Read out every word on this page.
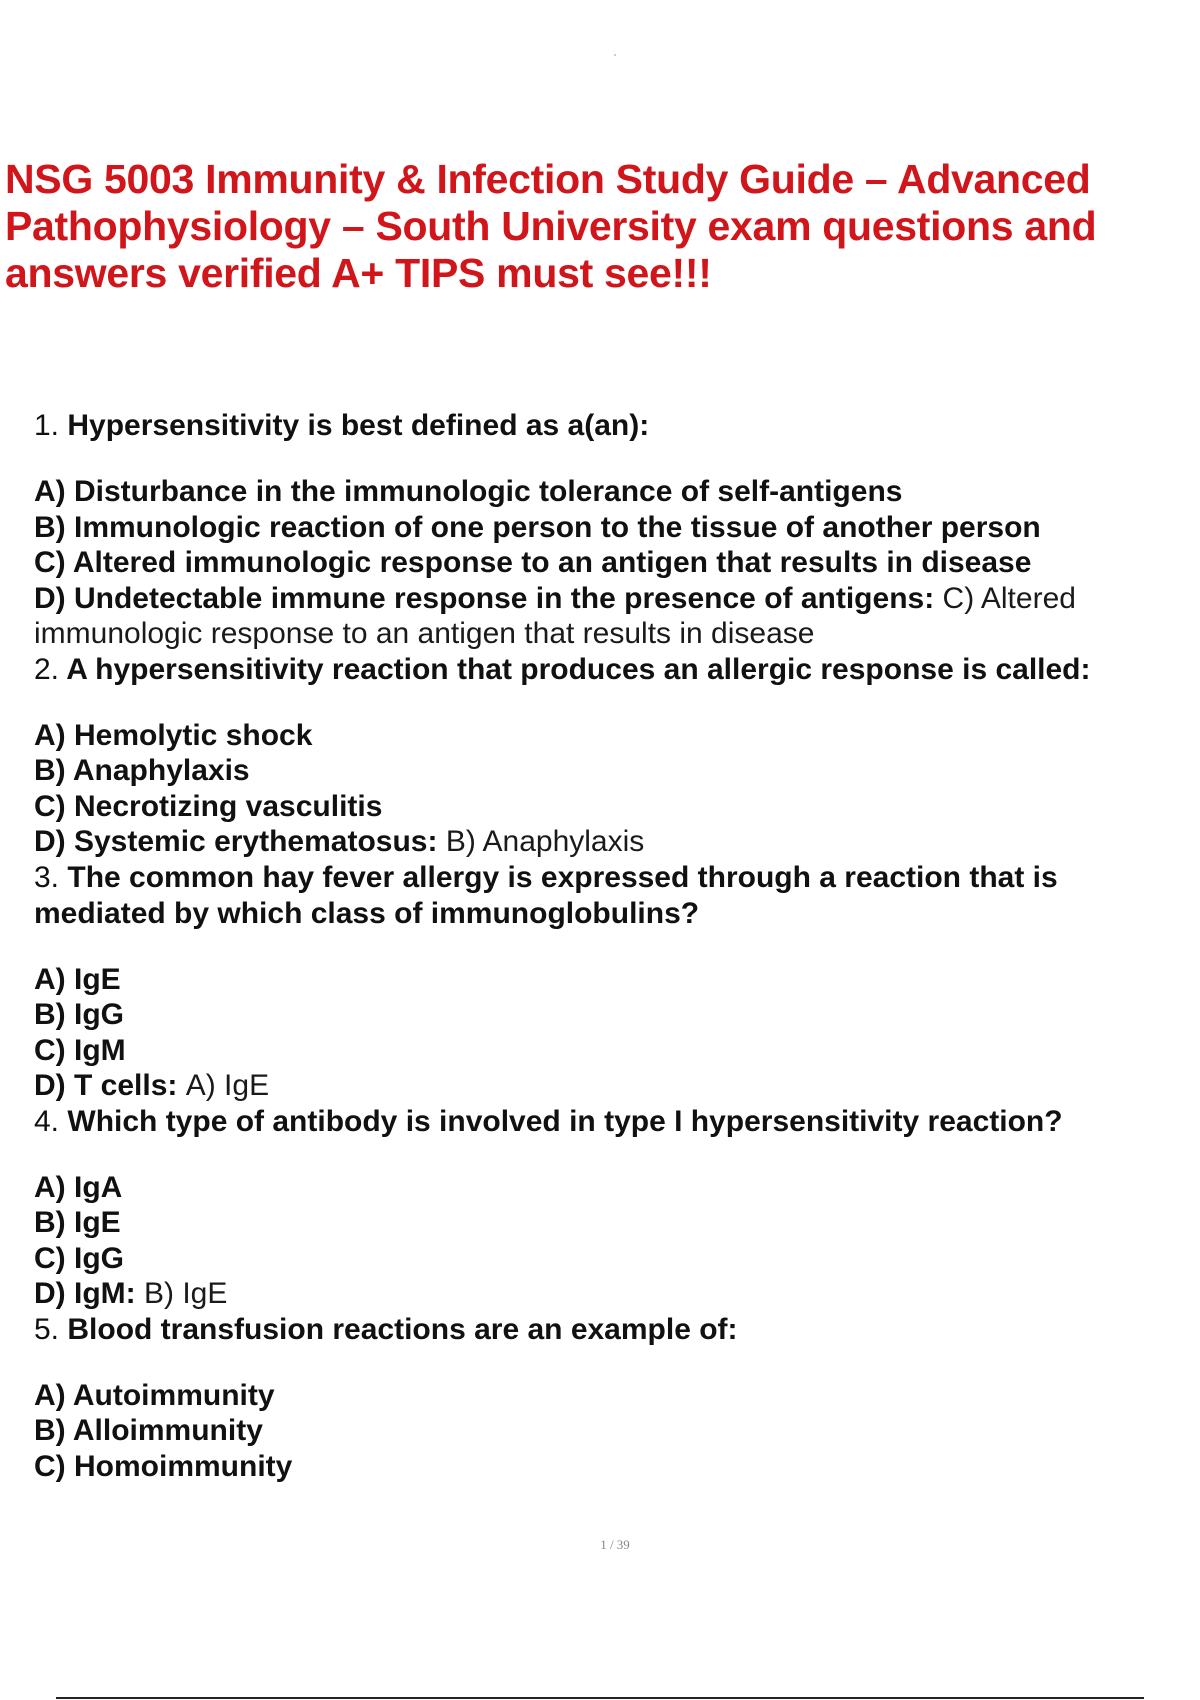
NSG 5003 Immunity & Infection Study Guide – Advanced Pathophysiology – South University exam questions and answers verified A+ TIPS must see!!!

1. Hypersensitivity is best defined as a(an):

A) Disturbance in the immunologic tolerance of self-antigens
B) Immunologic reaction of one person to the tissue of another person
C) Altered immunologic response to an antigen that results in disease
D) Undetectable immune response in the presence of antigens: C) Altered immunologic response to an antigen that results in disease

2. A hypersensitivity reaction that produces an allergic response is called:

A) Hemolytic shock
B) Anaphylaxis
C) Necrotizing vasculitis
D) Systemic erythematosus: B) Anaphylaxis

3. The common hay fever allergy is expressed through a reaction that is mediated by which class of immunoglobulins?

A) IgE
B) IgG
C) IgM
D) T cells: A) IgE

4. Which type of antibody is involved in type I hypersensitivity reaction?

A) IgA
B) IgE
C) IgG
D) IgM: B) IgE

5. Blood transfusion reactions are an example of:

A) Autoimmunity
B) Alloimmunity
C) Homoimmunity
1 / 39
